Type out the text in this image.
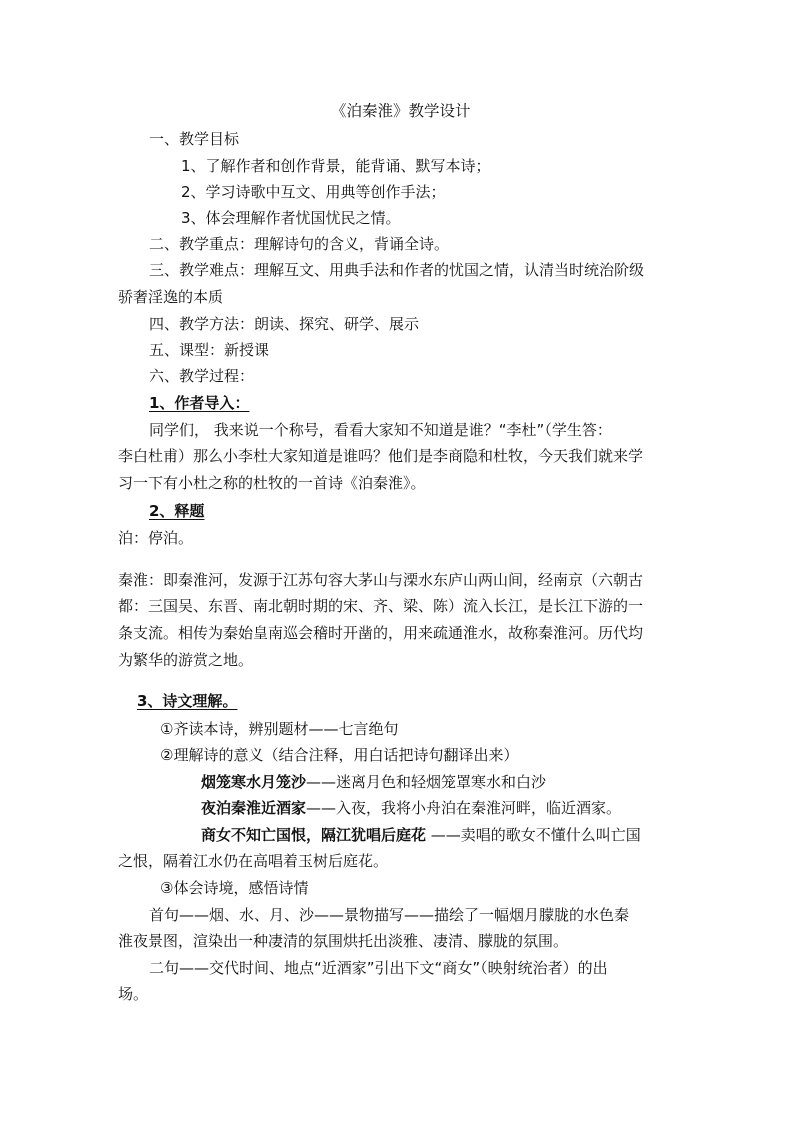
《泊秦淮》教学设计
一、教学目标
1、了解作者和创作背景，能背诵、默写本诗；
2、学习诗歌中互文、用典等创作手法；
3、体会理解作者忧国忧民之情。
二、教学重点：理解诗句的含义，背诵全诗。
三、教学难点：理解互文、用典手法和作者的忧国之情，认清当时统治阶级
骄奢淫逸的本质
四、教学方法：朗读、探究、研学、展示
五、课型：新授课
六、教学过程：
1、作者导入：
同学们， 我来说一个称号，看看大家知不知道是谁？“李杜”（学生答：
李白杜甫）那么小李杜大家知道是谁吗？他们是李商隐和杜牧，今天我们就来学
习一下有小杜之称的杜牧的一首诗《泊秦淮》。
2、释题
泊：停泊。
秦淮：即秦淮河，发源于江苏句容大茅山与溧水东庐山两山间，经南京（六朝古
都：三国吴、东晋、南北朝时期的宋、齐、梁、陈）流入长江，是长江下游的一
条支流。相传为秦始皇南巡会稽时开凿的，用来疏通淮水，故称秦淮河。历代均
为繁华的游赏之地。
3、诗文理解。
①齐读本诗，辨别题材——七言绝句
②理解诗的意义（结合注释，用白话把诗句翻译出来）
烟笼寒水月笼沙——迷离月色和轻烟笼罩寒水和白沙
夜泊秦淮近酒家——入夜，我将小舟泊在秦淮河畔，临近酒家。
商女不知亡国恨，隔江犹唱后庭花 ——卖唱的歌女不懂什么叫亡国
之恨，隔着江水仍在高唱着玉树后庭花。
③体会诗境，感悟诗情
首句——烟、水、月、沙——景物描写——描绘了一幅烟月朦胧的水色秦
淮夜景图，渲染出一种凄清的氛围烘托出淡雅、凄清、朦胧的氛围。
二句——交代时间、地点“近酒家”引出下文“商女”（映射统治者）的出
场。
